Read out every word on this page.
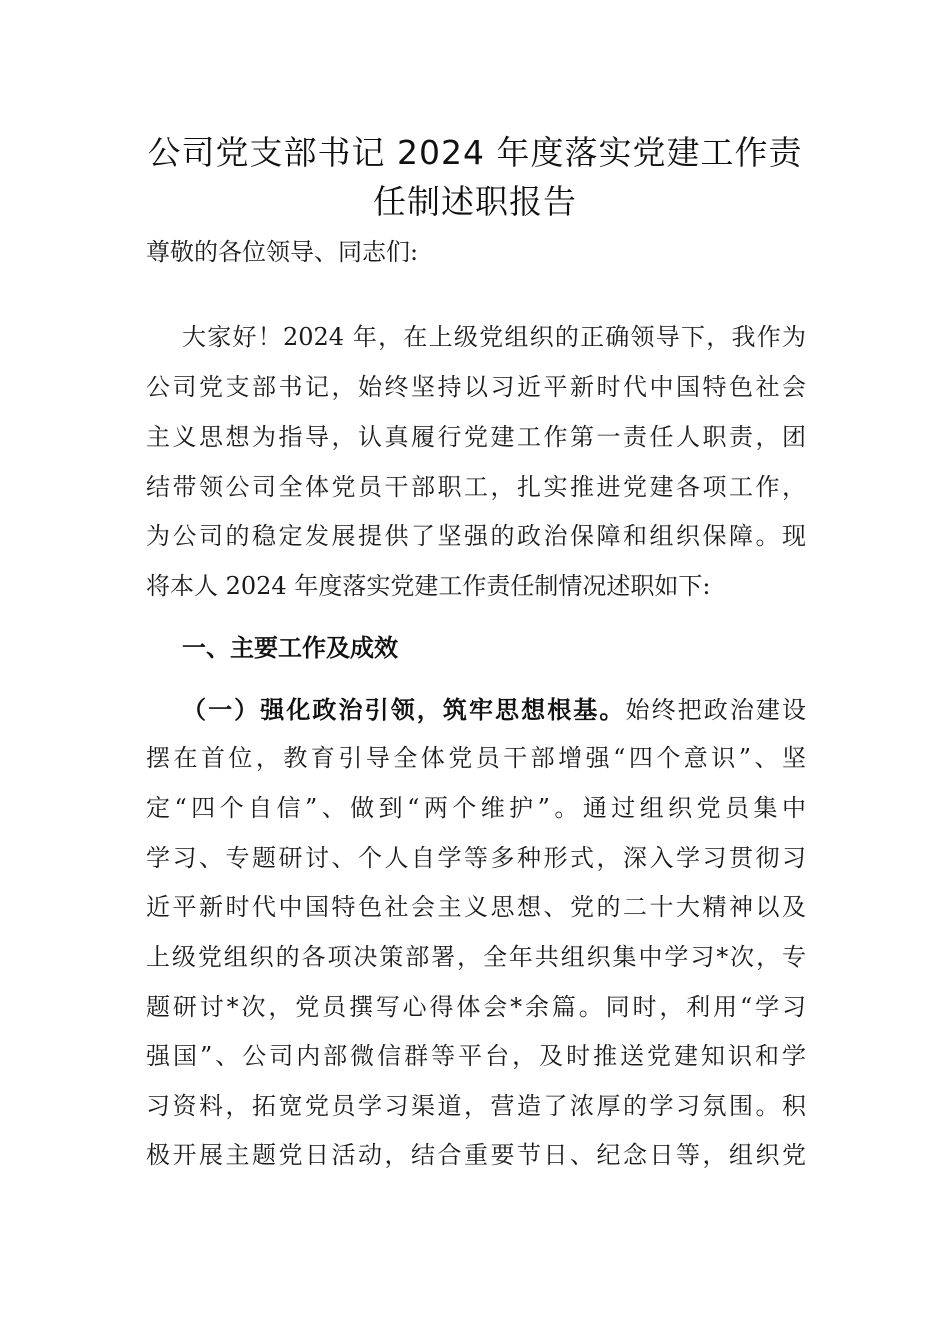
公司党支部书记 2024 年度落实党建工作责
任制述职报告
尊敬的各位领导、同志们:
大家好！2024 年，在上级党组织的正确领导下，我作为
公司党支部书记，始终坚持以习近平新时代中国特色社会
主义思想为指导，认真履行党建工作第一责任人职责，团
结带领公司全体党员干部职工，扎实推进党建各项工作，
为公司的稳定发展提供了坚强的政治保障和组织保障。现
将本人 2024 年度落实党建工作责任制情况述职如下:
一、主要工作及成效
（一）强化政治引领，筑牢思想根基。始终把政治建设
摆在首位，教育引导全体党员干部增强“四个意识”、坚
定“四个自信”、做到“两个维护”。通过组织党员集中
学习、专题研讨、个人自学等多种形式，深入学习贯彻习
近平新时代中国特色社会主义思想、党的二十大精神以及
上级党组织的各项决策部署，全年共组织集中学习*次，专
题研讨*次，党员撰写心得体会*余篇。同时，利用“学习
强国”、公司内部微信群等平台，及时推送党建知识和学
习资料，拓宽党员学习渠道，营造了浓厚的学习氛围。积
极开展主题党日活动，结合重要节日、纪念日等，组织党
